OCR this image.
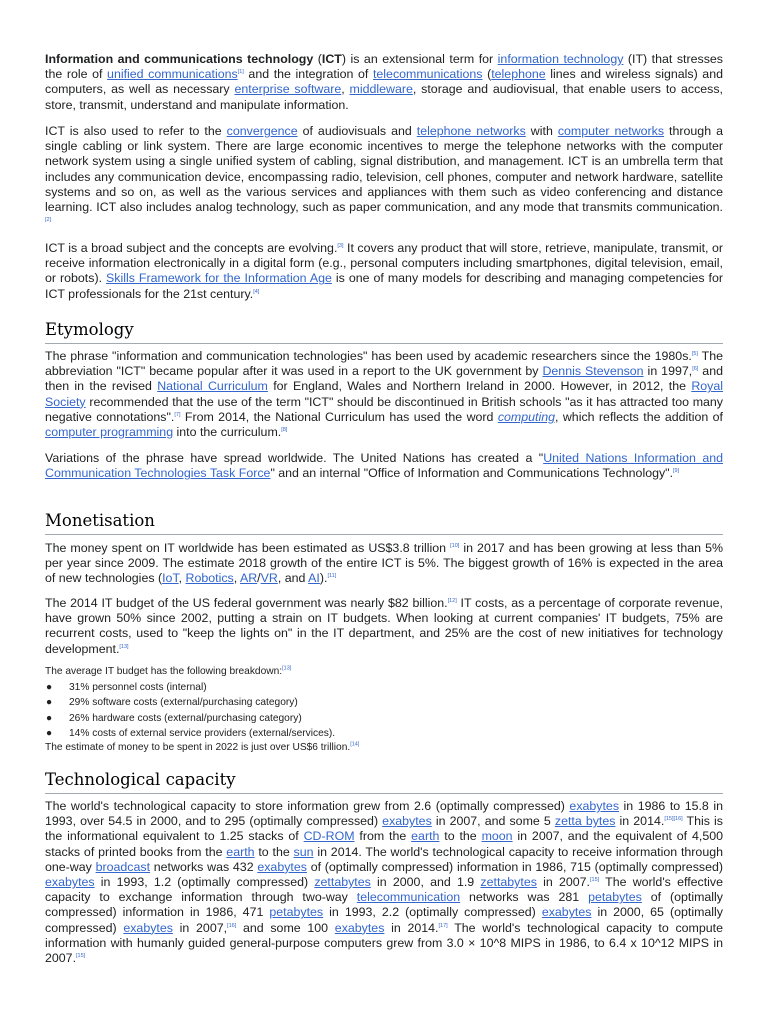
Information and communications technology (ICT) is an extensional term for information technology (IT) that stresses the role of unified communications[1] and the integration of telecommunications (telephone lines and wireless signals) and computers, as well as necessary enterprise software, middleware, storage and audiovisual, that enable users to access, store, transmit, understand and manipulate information.

ICT is also used to refer to the convergence of audiovisuals and telephone networks with computer networks through a single cabling or link system. There are large economic incentives to merge the telephone networks with the computer network system using a single unified system of cabling, signal distribution, and management. ICT is an umbrella term that includes any communication device, encompassing radio, television, cell phones, computer and network hardware, satellite systems and so on, as well as the various services and appliances with them such as video conferencing and distance learning. ICT also includes analog technology, such as paper communication, and any mode that transmits communication.[2]

ICT is a broad subject and the concepts are evolving.[3] It covers any product that will store, retrieve, manipulate, transmit, or receive information electronically in a digital form (e.g., personal computers including smartphones, digital television, email, or robots). Skills Framework for the Information Age is one of many models for describing and managing competencies for ICT professionals for the 21st century.[4]

Etymology

The phrase "information and communication technologies" has been used by academic researchers since the 1980s.[5] The abbreviation "ICT" became popular after it was used in a report to the UK government by Dennis Stevenson in 1997,[6] and then in the revised National Curriculum for England, Wales and Northern Ireland in 2000. However, in 2012, the Royal Society recommended that the use of the term "ICT" should be discontinued in British schools "as it has attracted too many negative connotations".[7] From 2014, the National Curriculum has used the word computing, which reflects the addition of computer programming into the curriculum.[8]

Variations of the phrase have spread worldwide. The United Nations has created a "United Nations Information and Communication Technologies Task Force" and an internal "Office of Information and Communications Technology".[9]

Monetisation

The money spent on IT worldwide has been estimated as US$3.8 trillion [10] in 2017 and has been growing at less than 5% per year since 2009. The estimate 2018 growth of the entire ICT is 5%. The biggest growth of 16% is expected in the area of new technologies (IoT, Robotics, AR/VR, and AI).[11]

The 2014 IT budget of the US federal government was nearly $82 billion.[12] IT costs, as a percentage of corporate revenue, have grown 50% since 2002, putting a strain on IT budgets. When looking at current companies' IT budgets, 75% are recurrent costs, used to "keep the lights on" in the IT department, and 25% are the cost of new initiatives for technology development.[13]

The average IT budget has the following breakdown:[13]

● 31% personnel costs (internal)
● 29% software costs (external/purchasing category)
● 26% hardware costs (external/purchasing category)
● 14% costs of external service providers (external/services).

The estimate of money to be spent in 2022 is just over US$6 trillion.[14]

Technological capacity

The world's technological capacity to store information grew from 2.6 (optimally compressed) exabytes in 1986 to 15.8 in 1993, over 54.5 in 2000, and to 295 (optimally compressed) exabytes in 2007, and some 5 zetta bytes in 2014.[15][16] This is the informational equivalent to 1.25 stacks of CD-ROM from the earth to the moon in 2007, and the equivalent of 4,500 stacks of printed books from the earth to the sun in 2014. The world's technological capacity to receive information through one-way broadcast networks was 432 exabytes of (optimally compressed) information in 1986, 715 (optimally compressed) exabytes in 1993, 1.2 (optimally compressed) zettabytes in 2000, and 1.9 zettabytes in 2007.[15] The world's effective capacity to exchange information through two-way telecommunication networks was 281 petabytes of (optimally compressed) information in 1986, 471 petabytes in 1993, 2.2 (optimally compressed) exabytes in 2000, 65 (optimally compressed) exabytes in 2007,[16] and some 100 exabytes in 2014.[17] The world's technological capacity to compute information with humanly guided general-purpose computers grew from 3.0 × 10^8 MIPS in 1986, to 6.4 x 10^12 MIPS in 2007.[15]
